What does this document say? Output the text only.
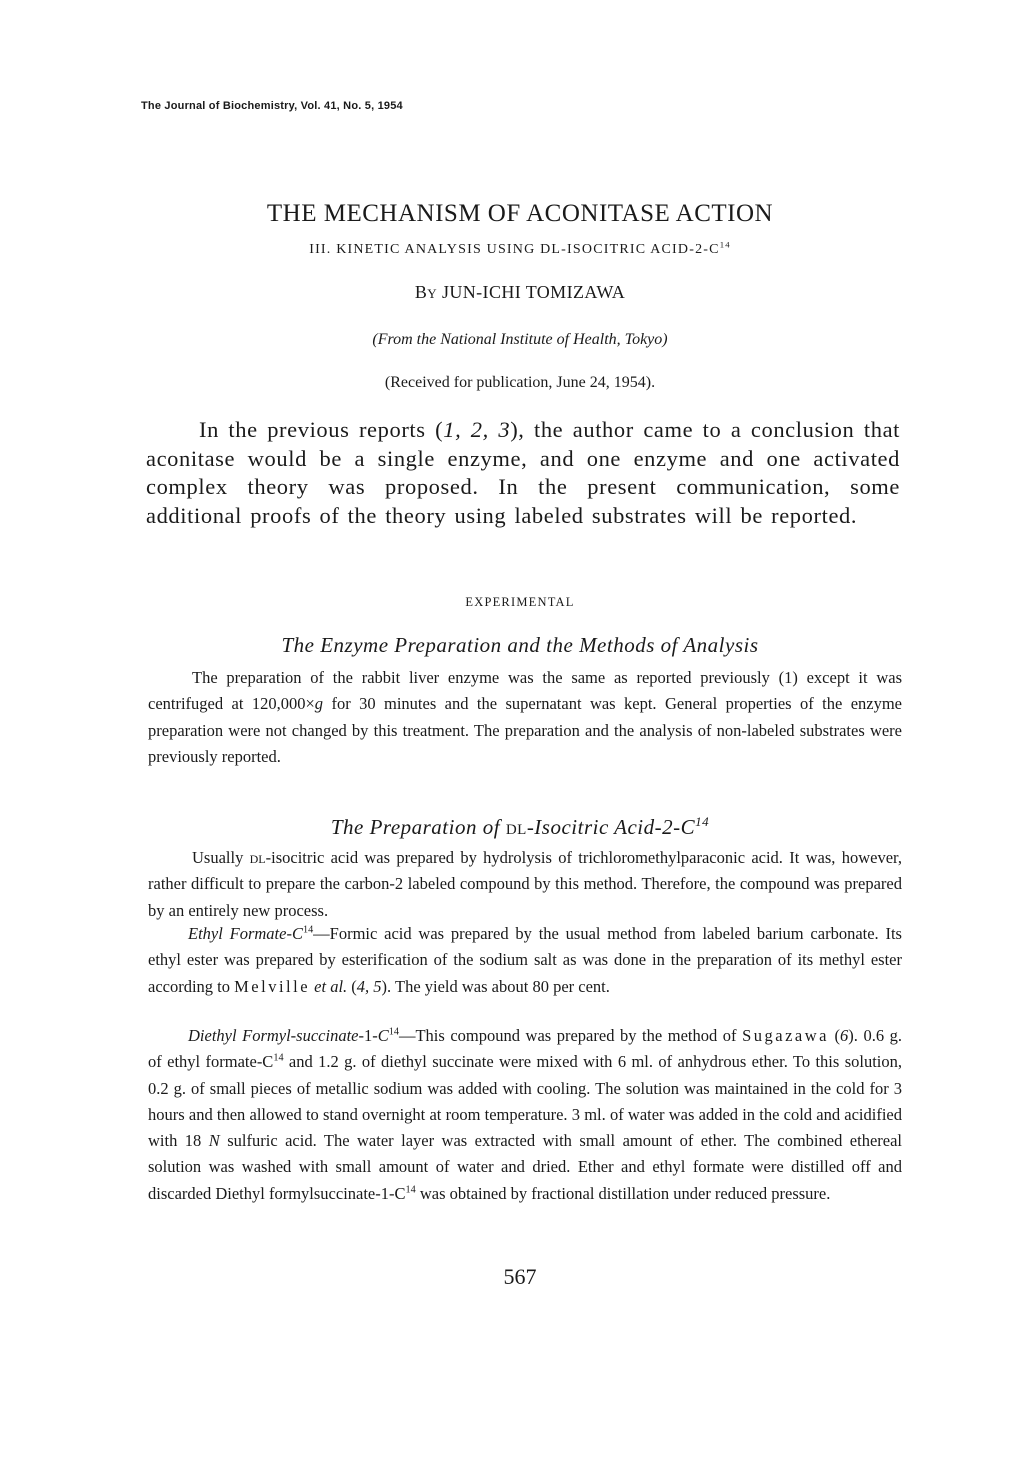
The Journal of Biochemistry, Vol. 41, No. 5, 1954
THE MECHANISM OF ACONITASE ACTION
III. KINETIC ANALYSIS USING DL-ISOCITRIC ACID-$2-C^{14}$
By JUN-ICHI TOMIZAWA
(From the National Institute of Health, Tokyo)
(Received for publication, June 24, 1954).
In the previous reports (1, 2, 3), the author came to a conclusion that aconitase would be a single enzyme, and one enzyme and one activated complex theory was proposed. In the present communication, some additional proofs of the theory using labeled substrates will be reported.
EXPERIMENTAL
The Enzyme Preparation and the Methods of Analysis
The preparation of the rabbit liver enzyme was the same as reported previously (1) except it was centrifuged at 120,000×g for 30 minutes and the supernatant was kept. General properties of the enzyme preparation were not changed by this treatment. The preparation and the analysis of non-labeled substrates were previously reported.
The Preparation of dl-Isocitric Acid-$2-C^{14}$
Usually dl-isocitric acid was prepared by hydrolysis of trichloromethylparaconic acid. It was, however, rather difficult to prepare the carbon-2 labeled compound by this method. Therefore, the compound was prepared by an entirely new process.
Ethyl Formate-$C^{14}—Formic$ acid was prepared by the usual method from labeled barium carbonate. Its ethyl ester was prepared by esterification of the sodium salt as was done in the preparation of its methyl ester according to Melville et al. (4, 5). The yield was about 80 per cent.
Diethyl Formyl-$succinate-1-C^{14}—This$ compound was prepared by the method of Sugazawa (6). 0.6 g. of ethyl formate-$C^{14}$ and 1.2 g. of diethyl succinate were mixed with 6 ml. of anhydrous ether. To this solution, 0.2 g. of small pieces of metallic sodium was added with cooling. The solution was maintained in the cold for 3 hours and then allowed to stand overnight at room temperature. 3 ml. of water was added in the cold and acidified with 18 N sulfuric acid. The water layer was extracted with small amount of ether. The combined ethereal solution was washed with small amount of water and dried. Ether and ethyl formate were distilled off and discarded Diethyl formylsuccinate-$1-C^{14}$ was obtained by fractional distillation under reduced pressure.
567
